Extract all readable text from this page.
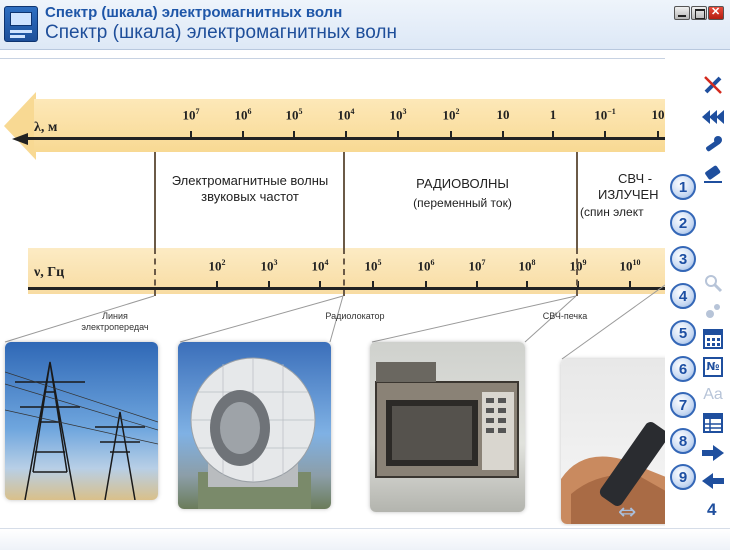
Спектр (шкала) электромагнитных волн
Спектр (шкала) электромагнитных волн
✕
λ, м
$10^7$	$10^6$	$10^5$	$10^4$	$10^3$	$10^2$	10	1	$10^{-1}$	10
ν, Гц	$10^2$	$10^3$	$10^4$	$10^5$	$10^6$	$10^7$	$10^8$	$10^9$	$10^{10}$
Электромагнитные волны звуковых частот
РАДИОВОЛНЫ
(переменный ток)
СВЧ -
ИЗЛУЧЕН
(спин элект
Линия электропередач
Радиолокатор	СВЧ-печка
1
2
3
4
5
6
7
8
9
№
Aa
⇔	4
